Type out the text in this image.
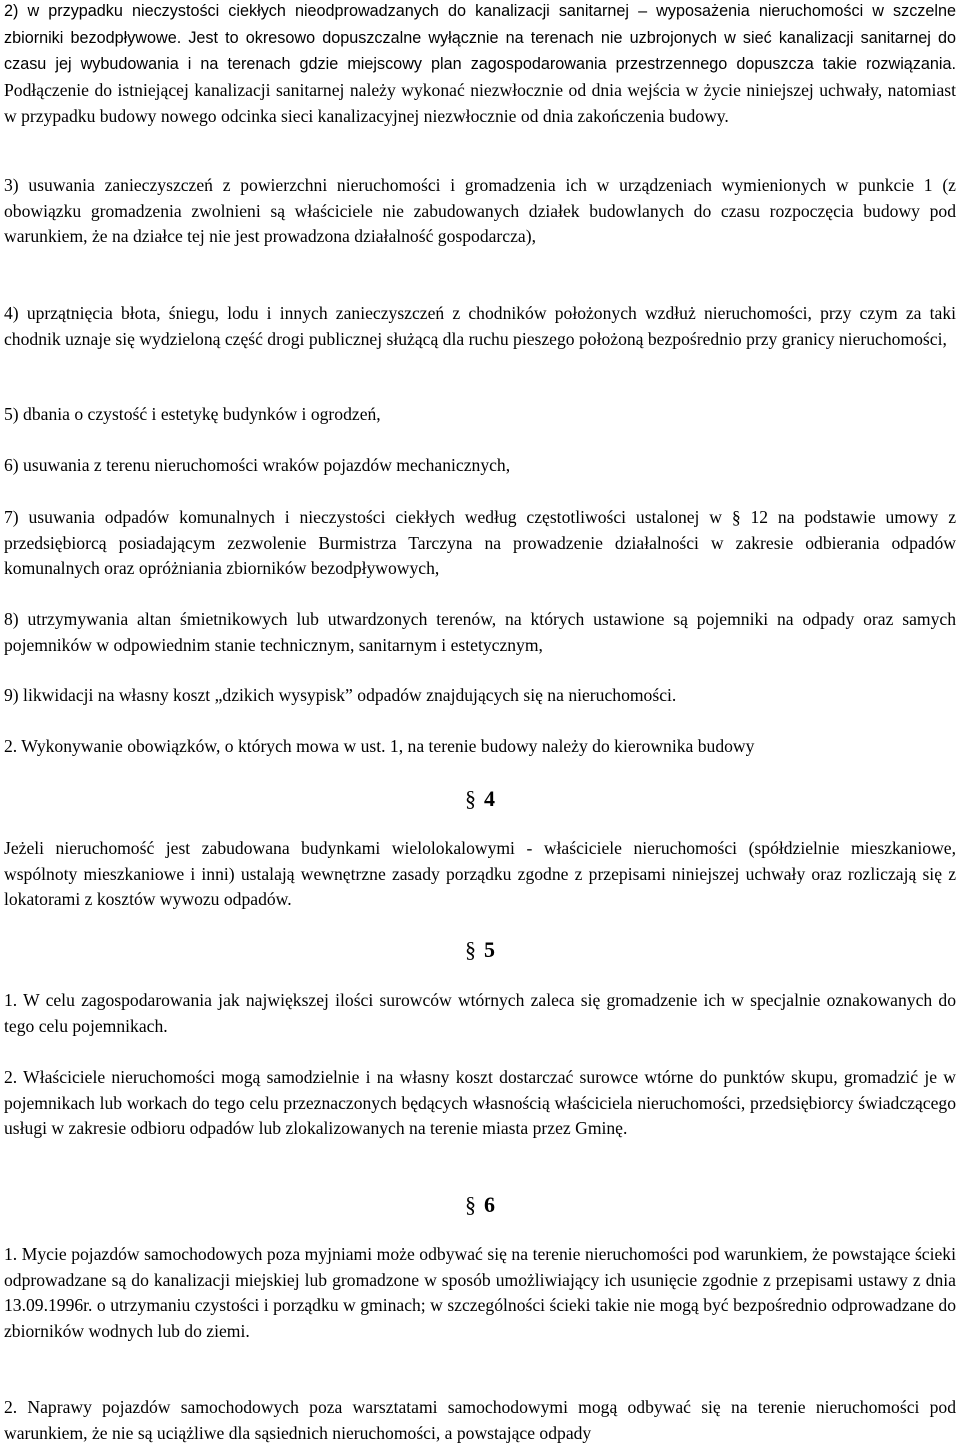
2) w przypadku nieczystości ciekłych nieodprowadzanych do kanalizacji sanitarnej – wyposażenia nieruchomości w szczelne zbiorniki bezodpływowe. Jest to okresowo dopuszczalne wyłącznie na terenach nie uzbrojonych w sieć kanalizacji sanitarnej do czasu jej wybudowania i na terenach gdzie miejscowy plan zagospodarowania przestrzennego dopuszcza takie rozwiązania. Podłączenie do istniejącej kanalizacji sanitarnej należy wykonać niezwłocznie od dnia wejścia w życie niniejszej uchwały, natomiast w przypadku budowy nowego odcinka sieci kanalizacyjnej niezwłocznie od dnia zakończenia budowy.

3) usuwania zanieczyszczeń z powierzchni nieruchomości i gromadzenia ich w urządzeniach wymienionych w punkcie 1 (z obowiązku gromadzenia zwolnieni są właściciele nie zabudowanych działek budowlanych do czasu rozpoczęcia budowy pod warunkiem, że na działce tej nie jest prowadzona działalność gospodarcza),

4) uprzątnięcia błota, śniegu, lodu i innych zanieczyszczeń z chodników położonych wzdłuż nieruchomości, przy czym za taki chodnik uznaje się wydzieloną część drogi publicznej służącą dla ruchu pieszego położoną bezpośrednio przy granicy nieruchomości,

5) dbania o czystość i estetykę budynków i ogrodzeń,

6) usuwania z terenu nieruchomości wraków pojazdów mechanicznych,

7) usuwania odpadów komunalnych i nieczystości ciekłych według częstotliwości ustalonej w § 12 na podstawie umowy z przedsiębiorcą posiadającym zezwolenie Burmistrza Tarczyna na prowadzenie działalności w zakresie odbierania odpadów komunalnych oraz opróżniania zbiorników bezodpływowych,

8) utrzymywania altan śmietnikowych lub utwardzonych terenów, na których ustawione są pojemniki na odpady oraz samych pojemników w odpowiednim stanie technicznym, sanitarnym i estetycznym,

9) likwidacji na własny koszt „dzikich wysypisk” odpadów znajdujących się na nieruchomości.

2. Wykonywanie obowiązków, o których mowa w ust. 1, na terenie budowy należy do kierownika budowy

§ 4

Jeżeli nieruchomość jest zabudowana budynkami wielolokalowymi - właściciele nieruchomości (spółdzielnie mieszkaniowe, wspólnoty mieszkaniowe i inni) ustalają wewnętrzne zasady porządku zgodne z przepisami niniejszej uchwały oraz rozliczają się z lokatorami z kosztów wywozu odpadów.

§ 5

1. W celu zagospodarowania jak największej ilości surowców wtórnych zaleca się gromadzenie ich w specjalnie oznakowanych do tego celu pojemnikach.

2. Właściciele nieruchomości mogą samodzielnie i na własny koszt dostarczać surowce wtórne do punktów skupu, gromadzić je w pojemnikach lub workach do tego celu przeznaczonych będących własnością właściciela nieruchomości, przedsiębiorcy świadczącego usługi w zakresie odbioru odpadów lub zlokalizowanych na terenie miasta przez Gminę.

§ 6

1. Mycie pojazdów samochodowych poza myjniami może odbywać się na terenie nieruchomości pod warunkiem, że powstające ścieki odprowadzane są do kanalizacji miejskiej lub gromadzone w sposób umożliwiający ich usunięcie zgodnie z przepisami ustawy z dnia 13.09.1996r. o utrzymaniu czystości i porządku w gminach; w szczególności ścieki takie nie mogą być bezpośrednio odprowadzane do zbiorników wodnych lub do ziemi.

2. Naprawy pojazdów samochodowych poza warsztatami samochodowymi mogą odbywać się na terenie nieruchomości pod warunkiem, że nie są uciążliwe dla sąsiednich nieruchomości, a powstające odpady
